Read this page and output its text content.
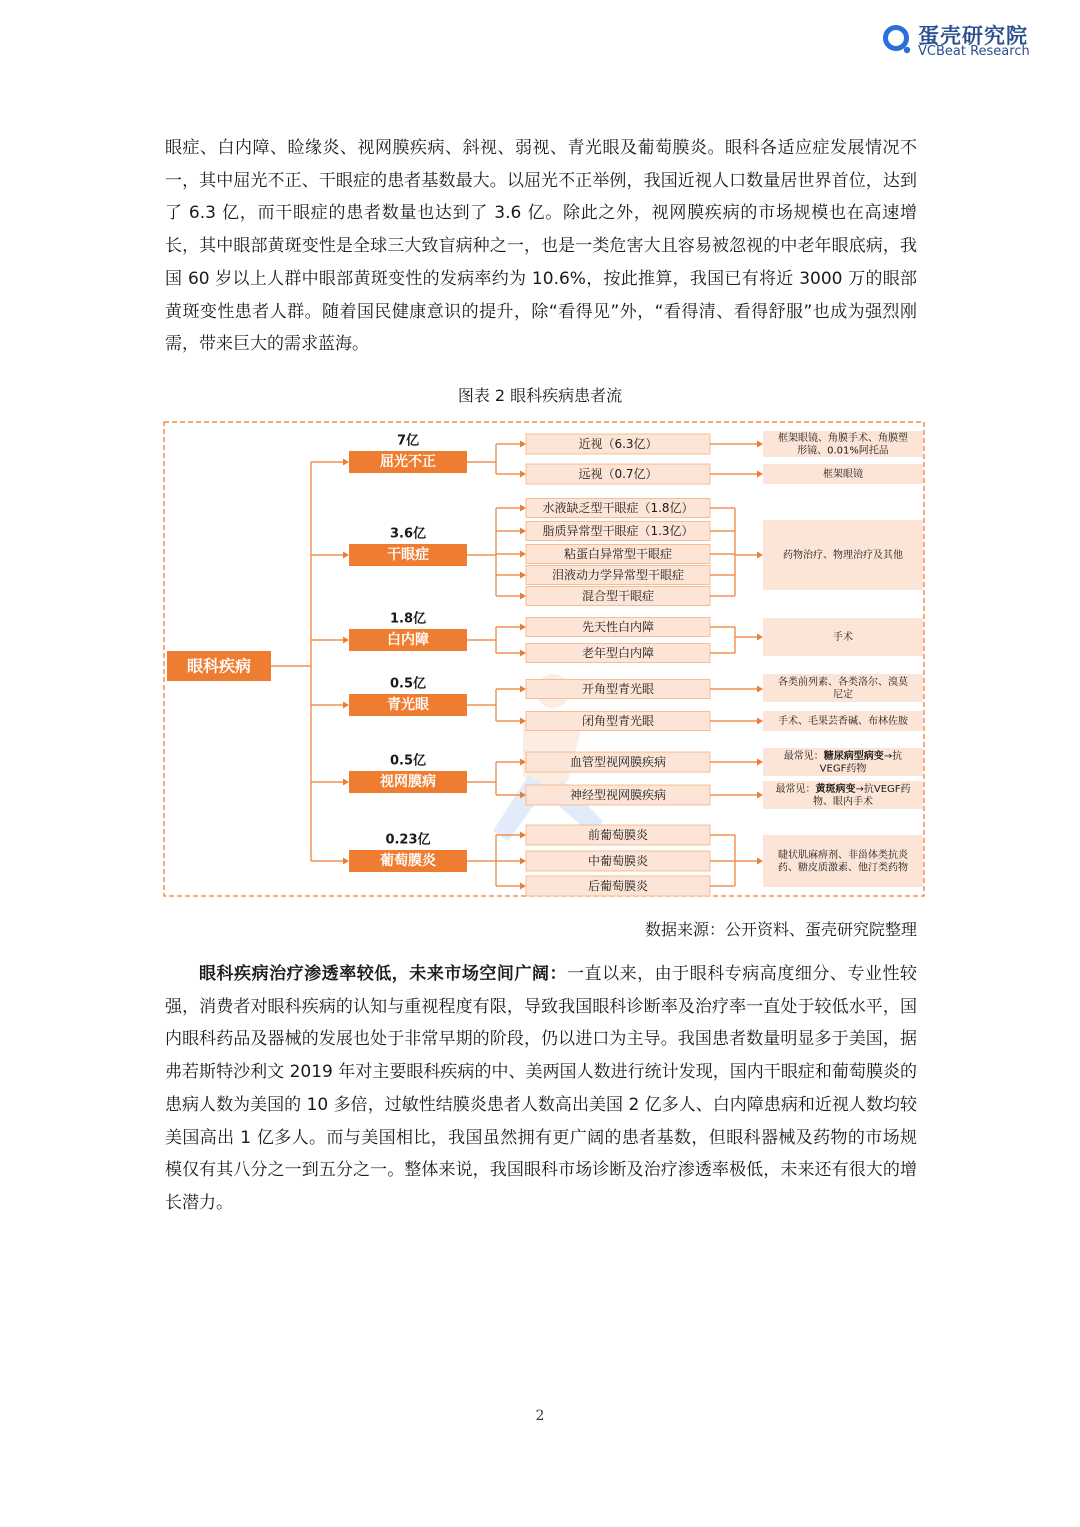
蛋壳研究院
VCBeat Research

眼症、白内障、睑缘炎、视网膜疾病、斜视、弱视、青光眼及葡萄膜炎。眼科各适应症发展情况不一，其中屈光不正、干眼症的患者基数最大。以屈光不正举例，我国近视人口数量居世界首位，达到了 6.3 亿，而干眼症的患者数量也达到了 3.6 亿。除此之外，视网膜疾病的市场规模也在高速增长，其中眼部黄斑变性是全球三大致盲病种之一，也是一类危害大且容易被忽视的中老年眼底病，我国 60 岁以上人群中眼部黄斑变性的发病率约为 10.6%，按此推算，我国已有将近 3000 万的眼部黄斑变性患者人群。随着国民健康意识的提升，除“看得见”外，“看得清、看得舒服”也成为强烈刚需，带来巨大的需求蓝海。

图表 2 眼科疾病患者流
眼科疾病
7亿
屈光不正
近视（6.3亿）
远视（0.7亿）
框架眼镜、角膜手术、角膜塑
形镜、0.01%阿托品
框架眼镜
3.6亿
干眼症
水液缺乏型干眼症（1.8亿）
脂质异常型干眼症（1.3亿）
粘蛋白异常型干眼症
泪液动力学异常型干眼症
混合型干眼症
药物治疗、物理治疗及其他
1.8亿
白内障
先天性白内障
老年型白内障
手术
0.5亿
青光眼
开角型青光眼
闭角型青光眼
各类前列素、各类洛尔、溴莫
尼定
手术、毛果芸香碱、布林佐胺
0.5亿
视网膜病
血管型视网膜疾病
神经型视网膜疾病
最常见：糖尿病型病变→抗
VEGF药物
最常见：黄斑病变→抗VEGF药
物、眼内手术
0.23亿
葡萄膜炎
前葡萄膜炎
中葡萄膜炎
后葡萄膜炎
睫状肌麻痹剂、非甾体类抗炎
药、糖皮质激素、他汀类药物
数据来源：公开资料、蛋壳研究院整理

眼科疾病治疗渗透率较低，未来市场空间广阔：一直以来，由于眼科专病高度细分、专业性较强，消费者对眼科疾病的认知与重视程度有限，导致我国眼科诊断率及治疗率一直处于较低水平，国内眼科药品及器械的发展也处于非常早期的阶段，仍以进口为主导。我国患者数量明显多于美国，据弗若斯特沙利文 2019 年对主要眼科疾病的中、美两国人数进行统计发现，国内干眼症和葡萄膜炎的患病人数为美国的 10 多倍，过敏性结膜炎患者人数高出美国 2 亿多人、白内障患病和近视人数均较美国高出 1 亿多人。而与美国相比，我国虽然拥有更广阔的患者基数，但眼科器械及药物的市场规模仅有其八分之一到五分之一。整体来说，我国眼科市场诊断及治疗渗透率极低，未来还有很大的增长潜力。

2
